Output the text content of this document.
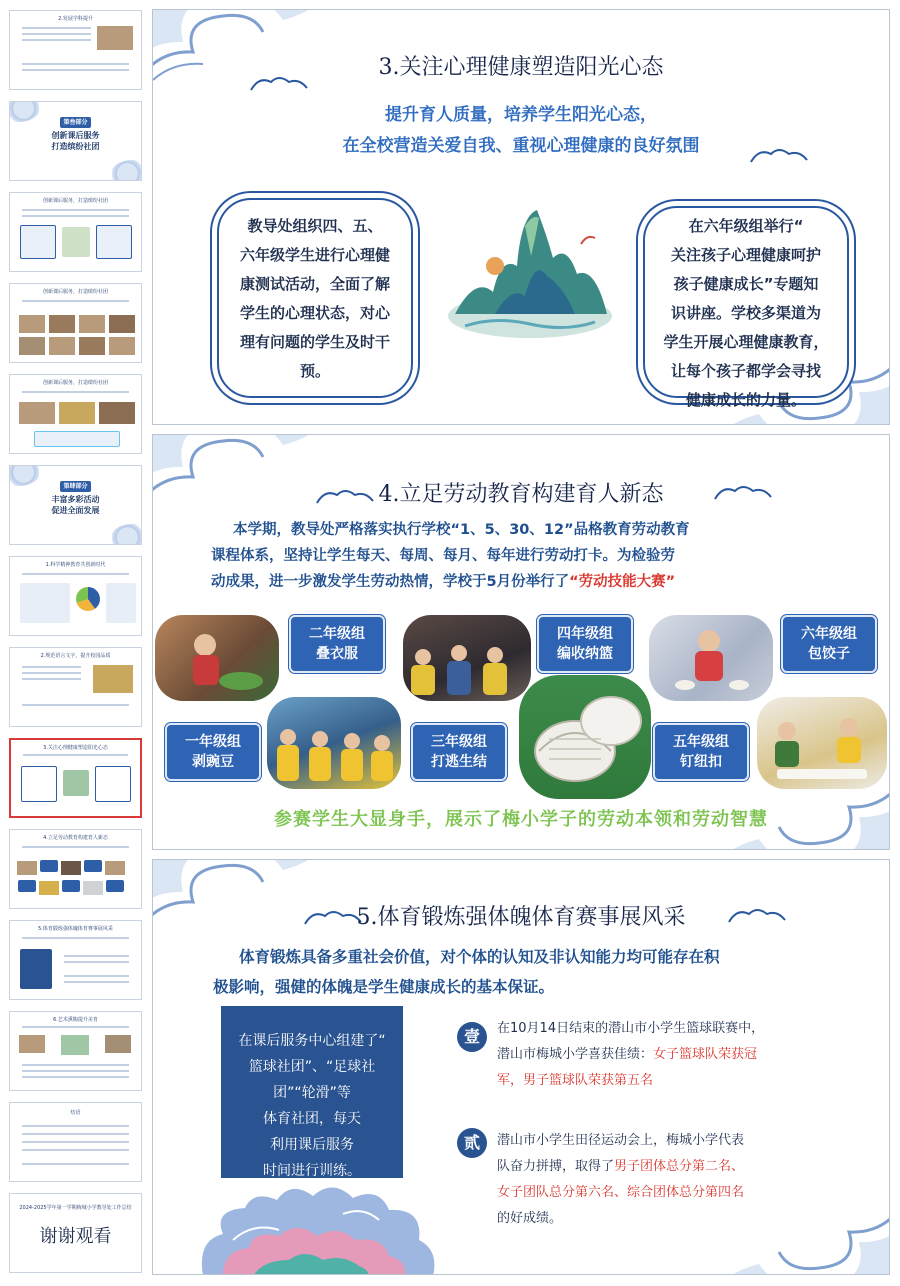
2.发展学科提升
第叁部分
创新课后服务
打造缤纷社团
创新课后服务，打造缤纷社团
创新课后服务，打造缤纷社团
创新课后服务，打造缤纷社团
第肆部分
丰富多彩活动
促进全面发展
1.科学精神教育共创新时代
2.规范语言文字，提升校园品质
3.关注心理健康塑造阳光心态
4.立足劳动教育构建育人新态
5.体育锻炼强体魄体育赛事展风采
6.艺术熏陶提升美育
结语
2024-2025学年第一学期梅城小学教导处工作总结
谢谢观看
3.关注心理健康塑造阳光心态
提升育人质量，培养学生阳光心态，
在全校营造关爱自我、重视心理健康的良好氛围

教导处组织四、五、

六年级学生进行心理健

康测试活动，全面了解

学生的心理状态，对心

理有问题的学生及时干

预。

在六年级组举行“

关注孩子心理健康呵护

孩子健康成长”专题知

识讲座。学校多渠道为

学生开展心理健康教育，

让每个孩子都学会寻找

健康成长的力量。

4.立足劳动教育构建育人新态
本学期，教导处严格落实执行学校“1、5、30、12”品格教育劳动教育
课程体系，坚持让学生每天、每周、每月、每年进行劳动打卡。为检验劳
动成果，进一步激发学生劳动热情，学校于5月份举行了“劳动技能大赛”
二年级组
叠衣服
四年级组
编收纳篮
六年级组
包饺子
一年级组
剥豌豆
三年级组
打逃生结
五年级组
钉纽扣
参赛学生大显身手，展示了梅小学子的劳动本领和劳动智慧
5.体育锻炼强体魄体育赛事展风采
体育锻炼具备多重社会价值，对个体的认知及非认知能力均可能存在积
极影响，强健的体魄是学生健康成长的基本保证。
在课后服务中心组建了“
篮球社团”、“足球社
团”“轮滑”等
体育社团，每天
利用课后服务
时间进行训练。
壹	在10月14日结束的潜山市小学生篮球联赛中，
潜山市梅城小学喜获佳绩：女子篮球队荣获冠
军，男子篮球队荣获第五名
贰	潜山市小学生田径运动会上，梅城小学代表
队奋力拼搏，取得了男子团体总分第二名、
女子团队总分第六名、综合团体总分第四名
的好成绩。
